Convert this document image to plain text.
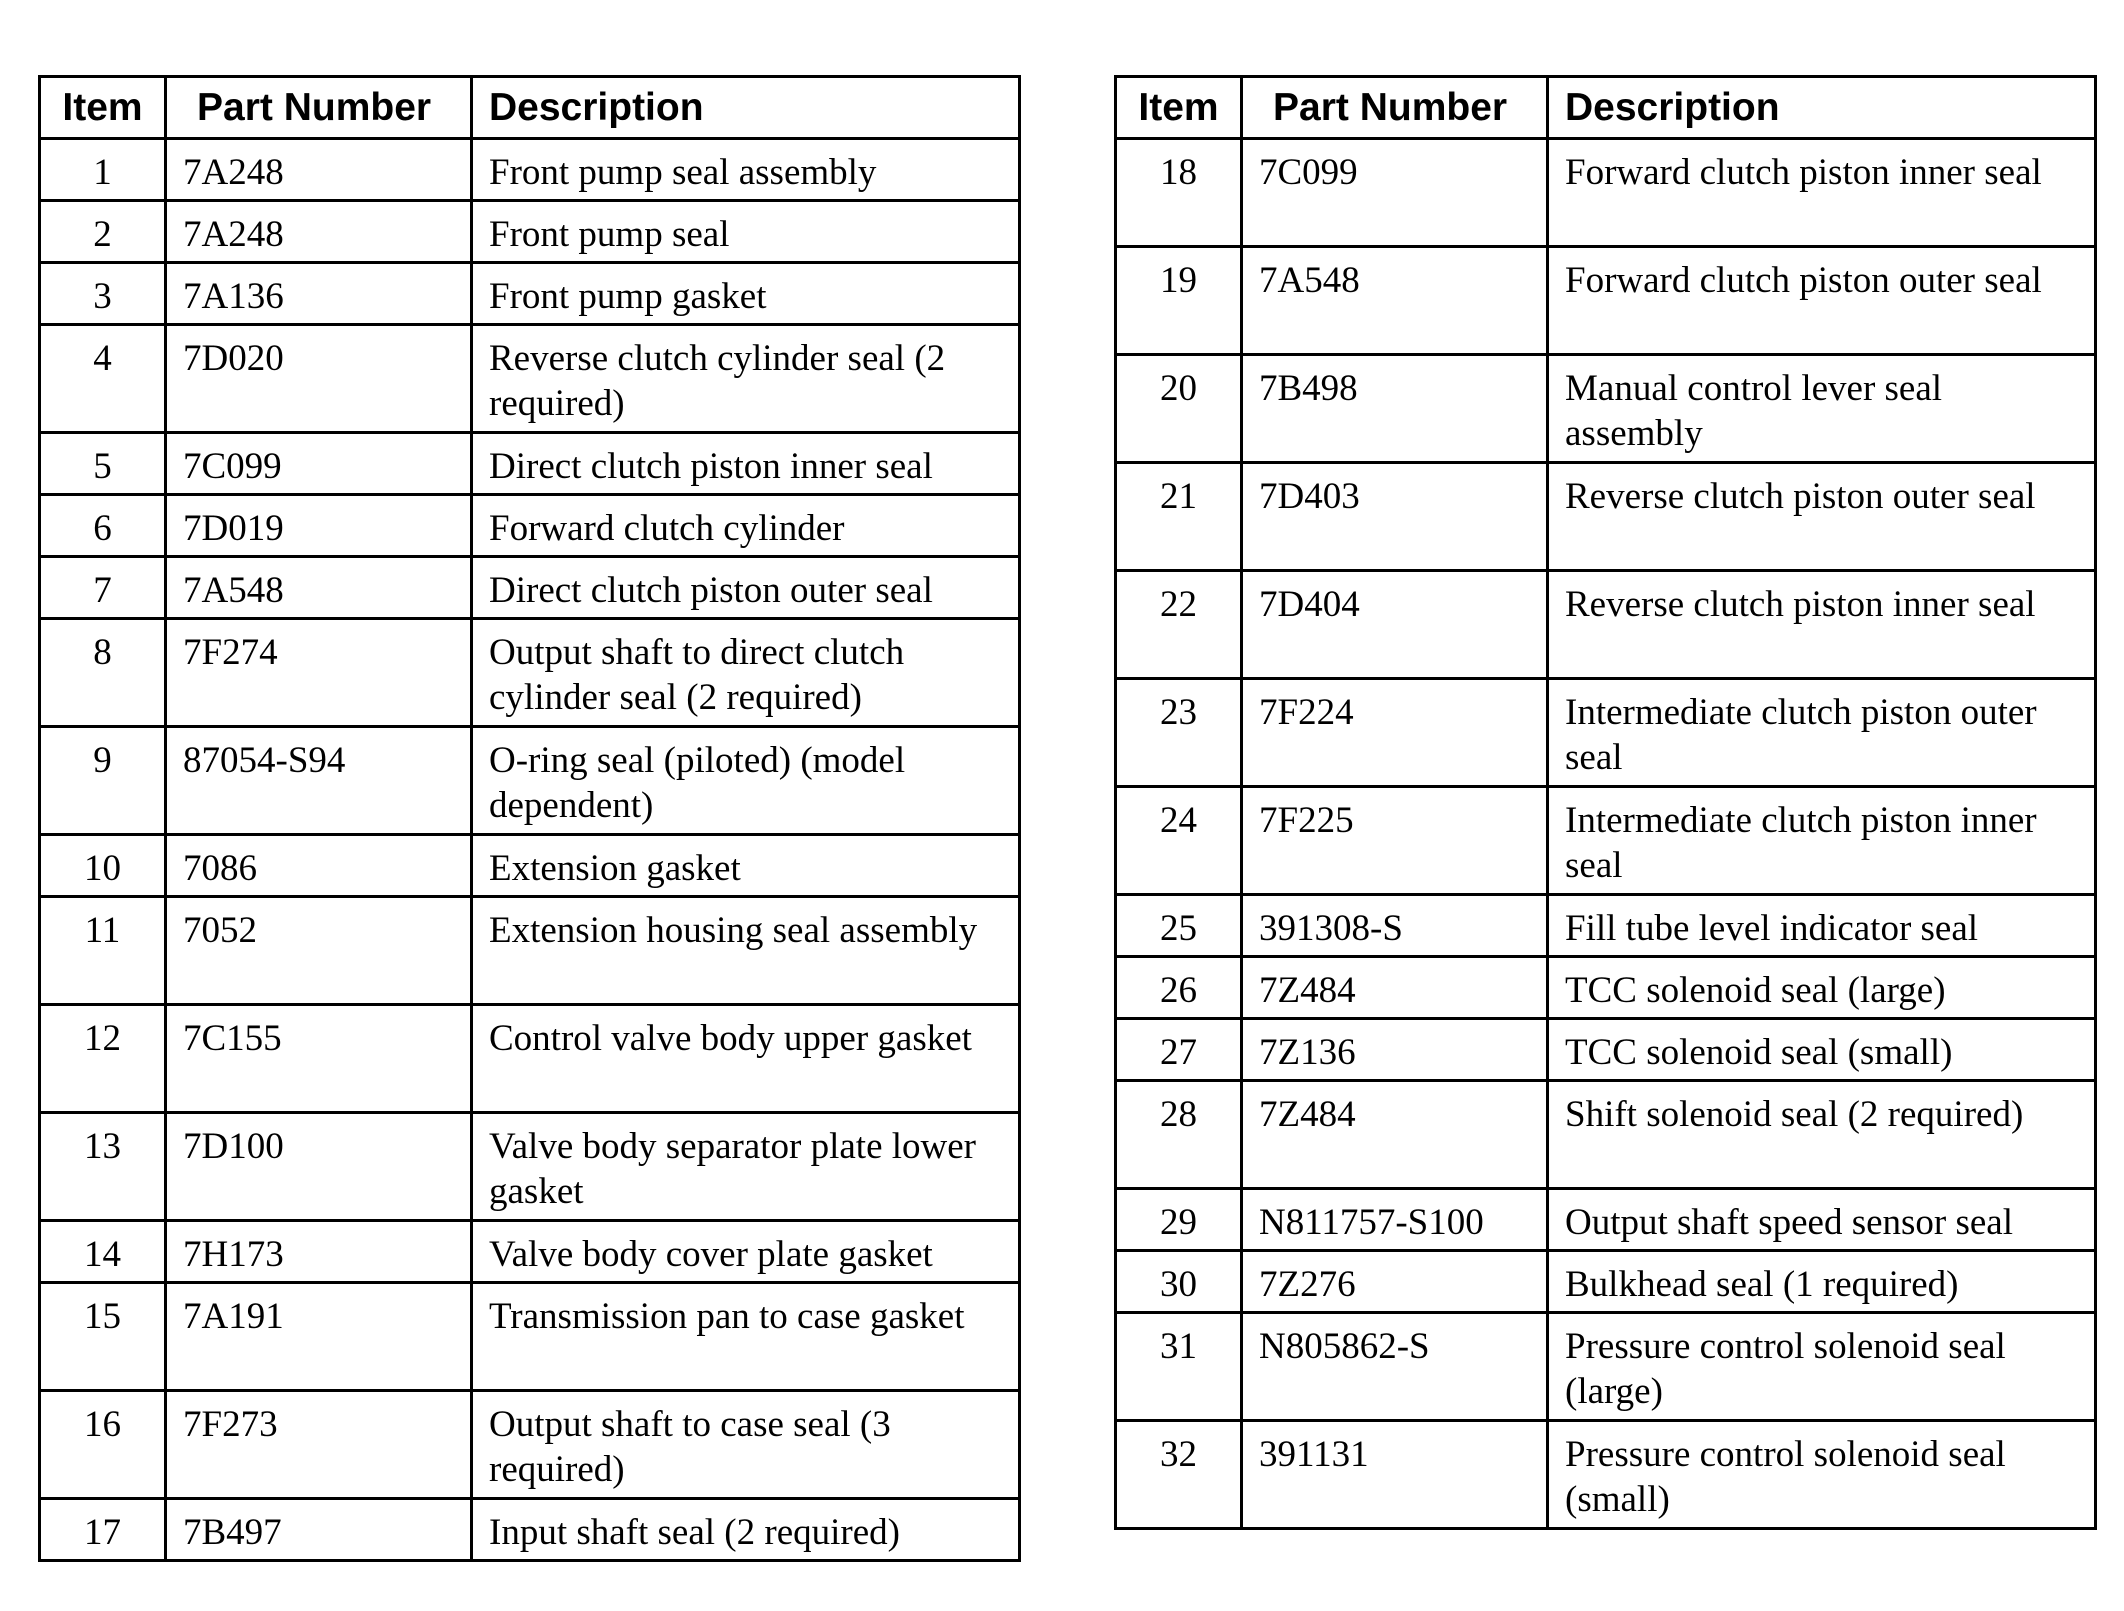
Item	Part Number	Description
1	7A248	Front pump seal assembly
2	7A248	Front pump seal
3	7A136	Front pump gasket
4	7D020	Reverse clutch cylinder seal (2 required)
5	7C099	Direct clutch piston inner seal
6	7D019	Forward clutch cylinder
7	7A548	Direct clutch piston outer seal
8	7F274	Output shaft to direct clutch cylinder seal (2 required)
9	87054-S94	O-ring seal (piloted) (model dependent)
10	7086	Extension gasket
11	7052	Extension housing seal assembly
12	7C155	Control valve body upper gasket
13	7D100	Valve body separator plate lower gasket
14	7H173	Valve body cover plate gasket
15	7A191	Transmission pan to case gasket
16	7F273	Output shaft to case seal (3 required)
17	7B497	Input shaft seal (2 required)
Item	Part Number	Description
18	7C099	Forward clutch piston inner seal
19	7A548	Forward clutch piston outer seal
20	7B498	Manual control lever seal assembly
21	7D403	Reverse clutch piston outer seal
22	7D404	Reverse clutch piston inner seal
23	7F224	Intermediate clutch piston outer seal
24	7F225	Intermediate clutch piston inner seal
25	391308-S	Fill tube level indicator seal
26	7Z484	TCC solenoid seal (large)
27	7Z136	TCC solenoid seal (small)
28	7Z484	Shift solenoid seal (2 required)
29	N811757-S100	Output shaft speed sensor seal
30	7Z276	Bulkhead seal (1 required)
31	N805862-S	Pressure control solenoid seal (large)
32	391131	Pressure control solenoid seal (small)
